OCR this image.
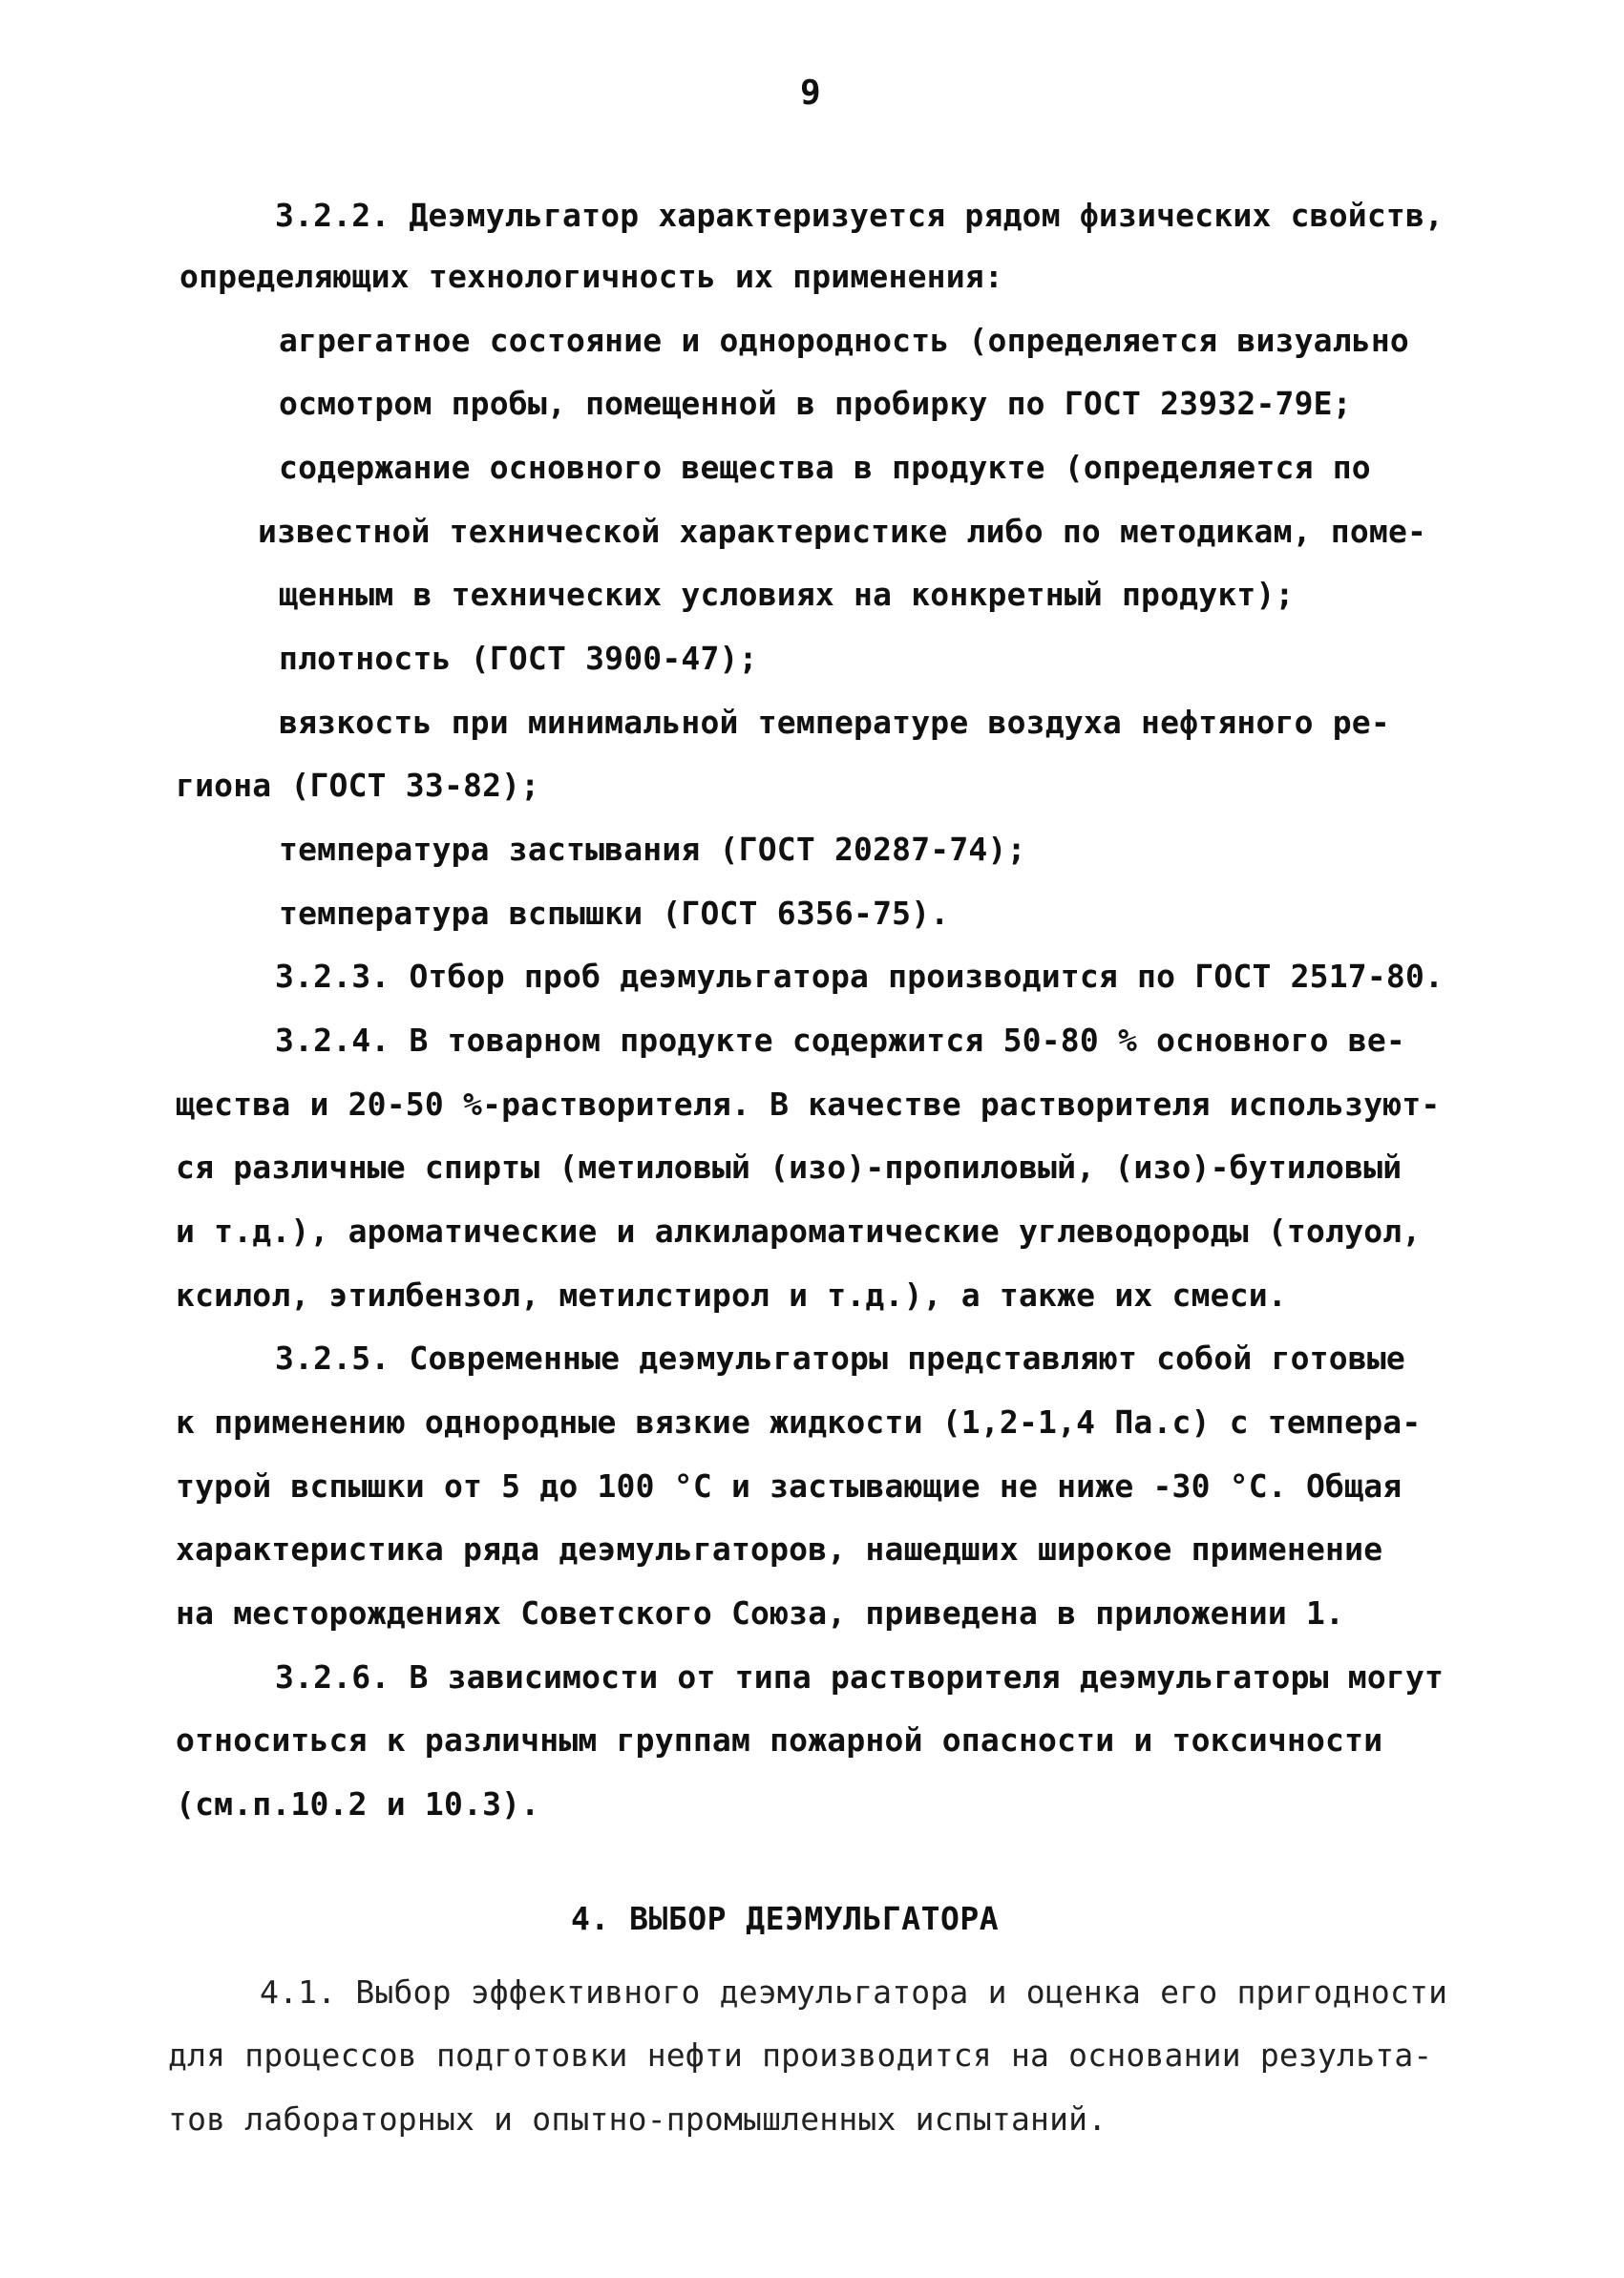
9
3.2.2. Деэмульгатор характеризуется рядом физических свойств,
определяющих технологичность их применения:
агрегатное состояние и однородность (определяется визуально
осмотром пробы, помещенной в пробирку по ГОСТ 23932-79Е;
содержание основного вещества в продукте (определяется по
известной технической характеристике либо по методикам, поме-
щенным в технических условиях на конкретный продукт);
плотность (ГОСТ 3900-47);
вязкость при минимальной температуре воздуха нефтяного ре-
гиона (ГОСТ 33-82);
температура застывания (ГОСТ 20287-74);
температура вспышки (ГОСТ 6356-75).
3.2.3. Отбор проб деэмульгатора производится по ГОСТ 2517-80.
3.2.4. В товарном продукте содержится 50-80 % основного ве-
щества и 20-50 %-растворителя. В качестве растворителя используют-
ся различные спирты (метиловый (изо)-пропиловый, (изо)-бутиловый
и т.д.), ароматические и алкилароматические углеводороды (толуол,
ксилол, этилбензол, метилстирол и т.д.), а также их смеси.
3.2.5. Современные деэмульгаторы представляют собой готовые
к применению однородные вязкие жидкости (1,2-1,4 Па.с) с темпера-
турой вспышки от 5 до 100 °С и застывающие не ниже -30 °С. Общая
характеристика ряда деэмульгаторов, нашедших широкое применение
на месторождениях Советского Союза, приведена в приложении 1.
3.2.6. В зависимости от типа растворителя деэмульгаторы могут
относиться к различным группам пожарной опасности и токсичности
(см.п.10.2 и 10.3).
4. ВЫБОР ДЕЭМУЛЬГАТОРА
4.1. Выбор эффективного деэмульгатора и оценка его пригодности
для процессов подготовки нефти производится на основании результа-
тов лабораторных и опытно-промышленных испытаний.
